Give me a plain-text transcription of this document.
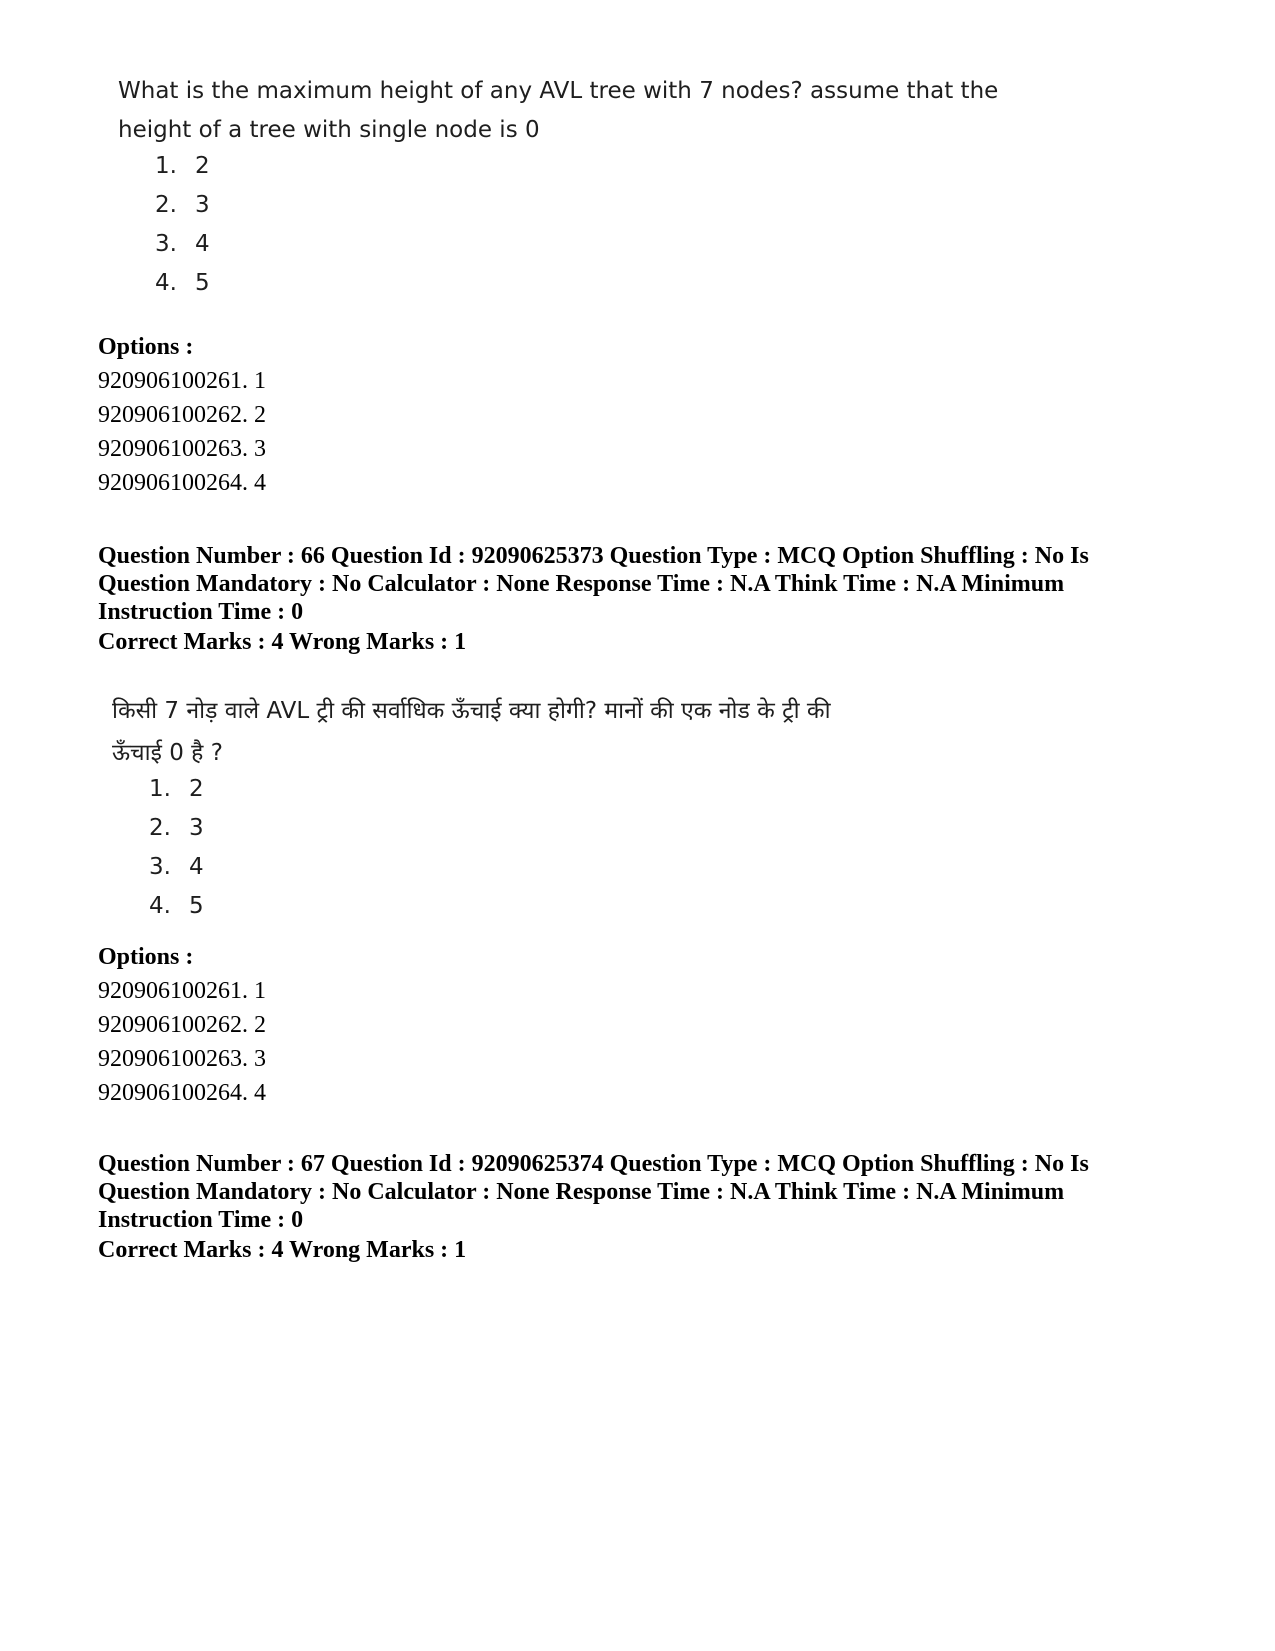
What is the maximum height of any AVL tree with 7 nodes? assume that the

height of a tree with single node is 0

1. 2
2. 3
3. 4
4. 5

Options :

920906100261. 1

920906100262. 2

920906100263. 3

920906100264. 4

Question Number : 66 Question Id : 92090625373 Question Type : MCQ Option Shuffling : No Is Question Mandatory : No Calculator : None Response Time : N.A Think Time : N.A Minimum Instruction Time : 0

Correct Marks : 4 Wrong Marks : 1

किसी 7 नोड़ वाले AVL ट्री की सर्वाधिक ऊँचाई क्या होगी? मानों की एक नोड के ट्री की

ऊँचाई 0 है ?

1. 2
2. 3
3. 4
4. 5

Options :

920906100261. 1

920906100262. 2

920906100263. 3

920906100264. 4

Question Number : 67 Question Id : 92090625374 Question Type : MCQ Option Shuffling : No Is Question Mandatory : No Calculator : None Response Time : N.A Think Time : N.A Minimum Instruction Time : 0

Correct Marks : 4 Wrong Marks : 1
